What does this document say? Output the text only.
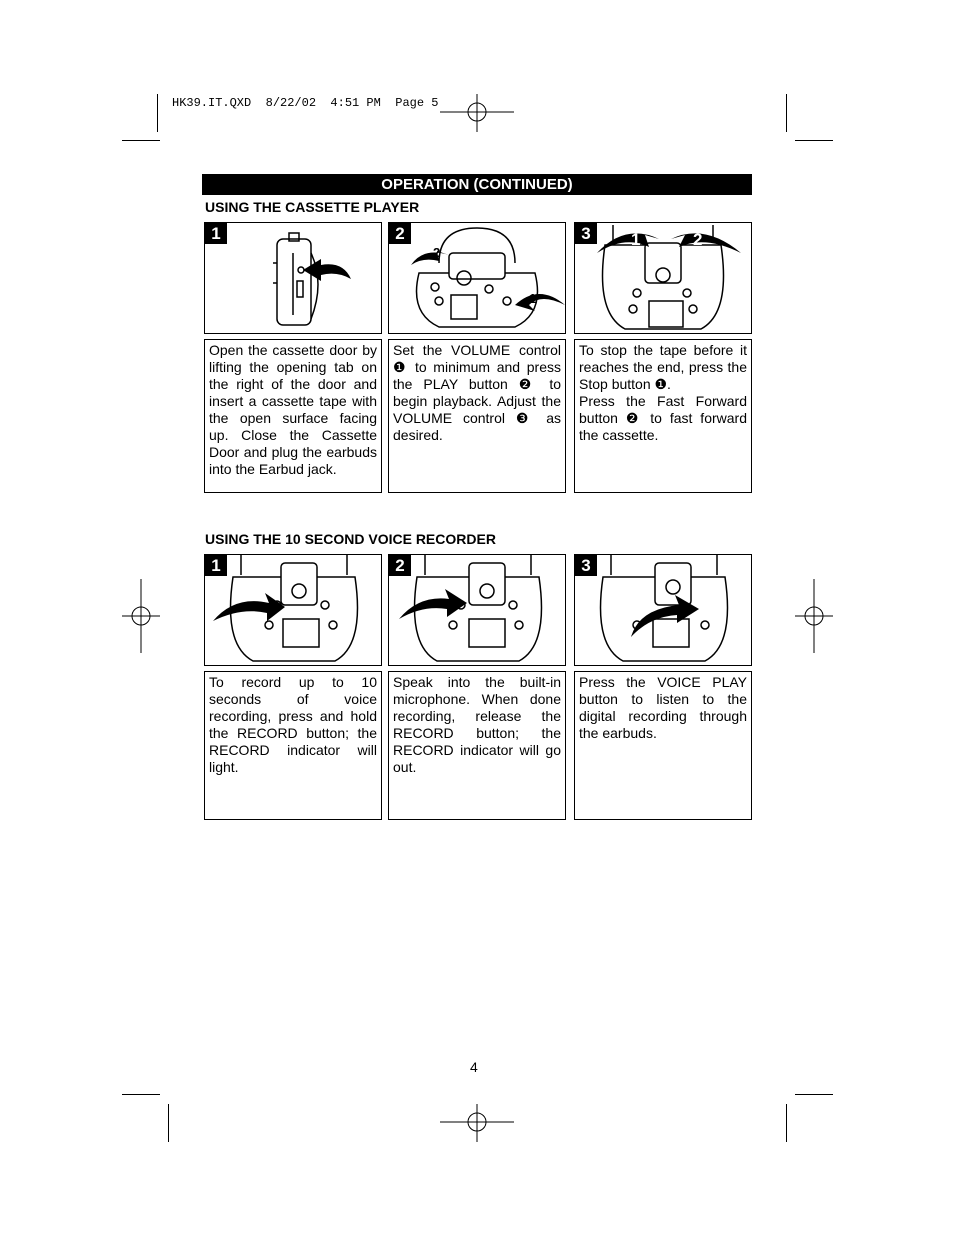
HK39.IT.QXD  8/22/02  4:51 PM  Page 5
OPERATION (CONTINUED)
USING THE CASSETTE PLAYER
1	2
2
1
3	1	2
Open the cassette door by lifting the opening tab on the right of the door and insert a cassette tape with the open surface facing up. Close the Cassette Door and plug the earbuds into the Earbud jack.
Set the VOLUME control ❶ to minimum and press the PLAY button ❷ to begin playback. Adjust the VOLUME control ❸ as desired.
To stop the tape before it reaches the end, press the Stop button ❶.
Press the Fast Forward button ❷ to fast forward the cassette.
USING THE 10 SECOND VOICE RECORDER
1	2	3
To record up to 10 seconds of voice recording, press and hold the RECORD button; the RECORD indicator will light.
Speak into the built-in microphone. When done recording, release the RECORD button; the RECORD indicator will go out.
Press the VOICE PLAY button to listen to the digital recording through the earbuds.
4
